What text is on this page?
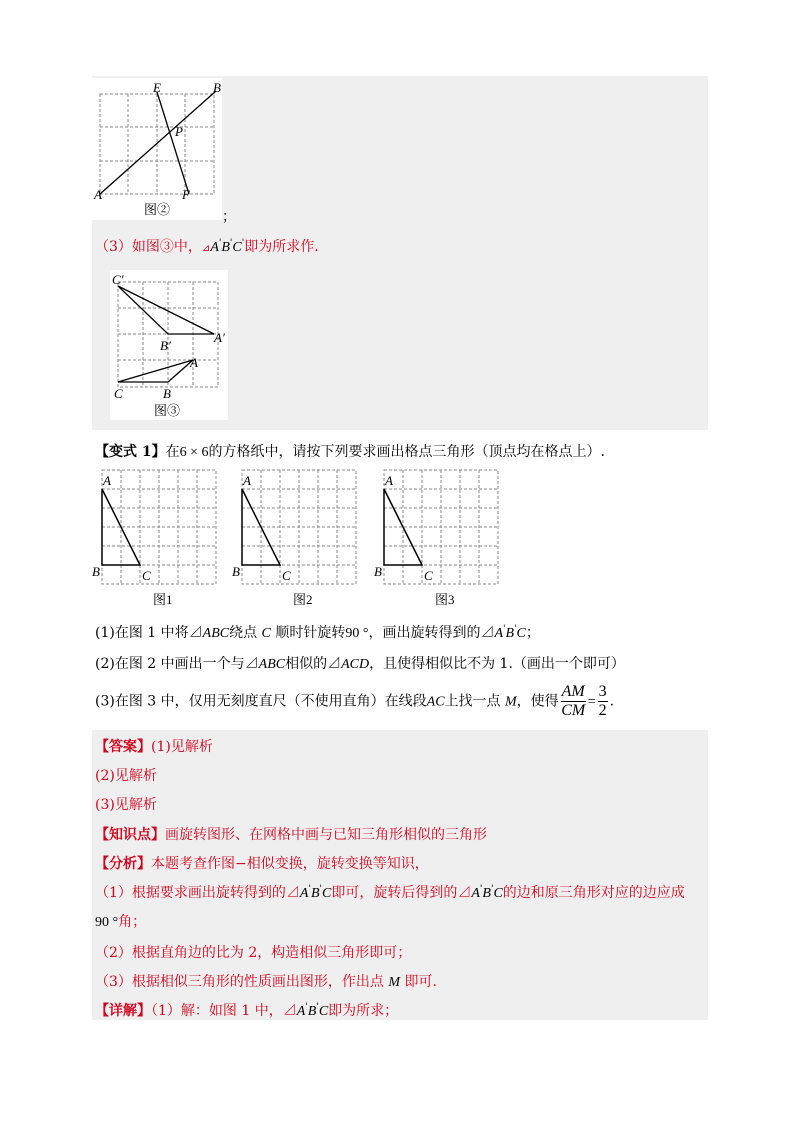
E	B
P
A	F
图②	；
（3）如图③中，⊿A'B'C'即为所求作.
C′
A′
B′
A
C	B
图③
【变式 1】在6 × 6的方格纸中，请按下列要求画出格点三角形（顶点均在格点上）.
A
B	C
图1
A
B	C
图2
A
B	C
图3
(1)在图 1 中将⊿ABC绕点 C 顺时针旋转90 °，画出旋转得到的⊿A'B'C；
(2)在图 2 中画出一个与⊿ABC相似的⊿ACD，且使得相似比不为 1.（画出一个即可）
(3)在图 3 中，仅用无刻度直尺（不使用直角）在线段AC上找一点 M，使得 $\frac{AM}{CM} = \frac{3}{2}$ .
【答案】(1)见解析
(2)见解析
(3)见解析
【知识点】画旋转图形、在网格中画与已知三角形相似的三角形
【分析】本题考查作图−相似变换，旋转变换等知识，
（1）根据要求画出旋转得到的⊿A'B'C即可，旋转后得到的⊿A'B'C的边和原三角形对应的边应成
90 °角；
（2）根据直角边的比为 2，构造相似三角形即可；
（3）根据相似三角形的性质画出图形，作出点 M 即可.
【详解】（1）解：如图 1 中，⊿A'B'C即为所求；
